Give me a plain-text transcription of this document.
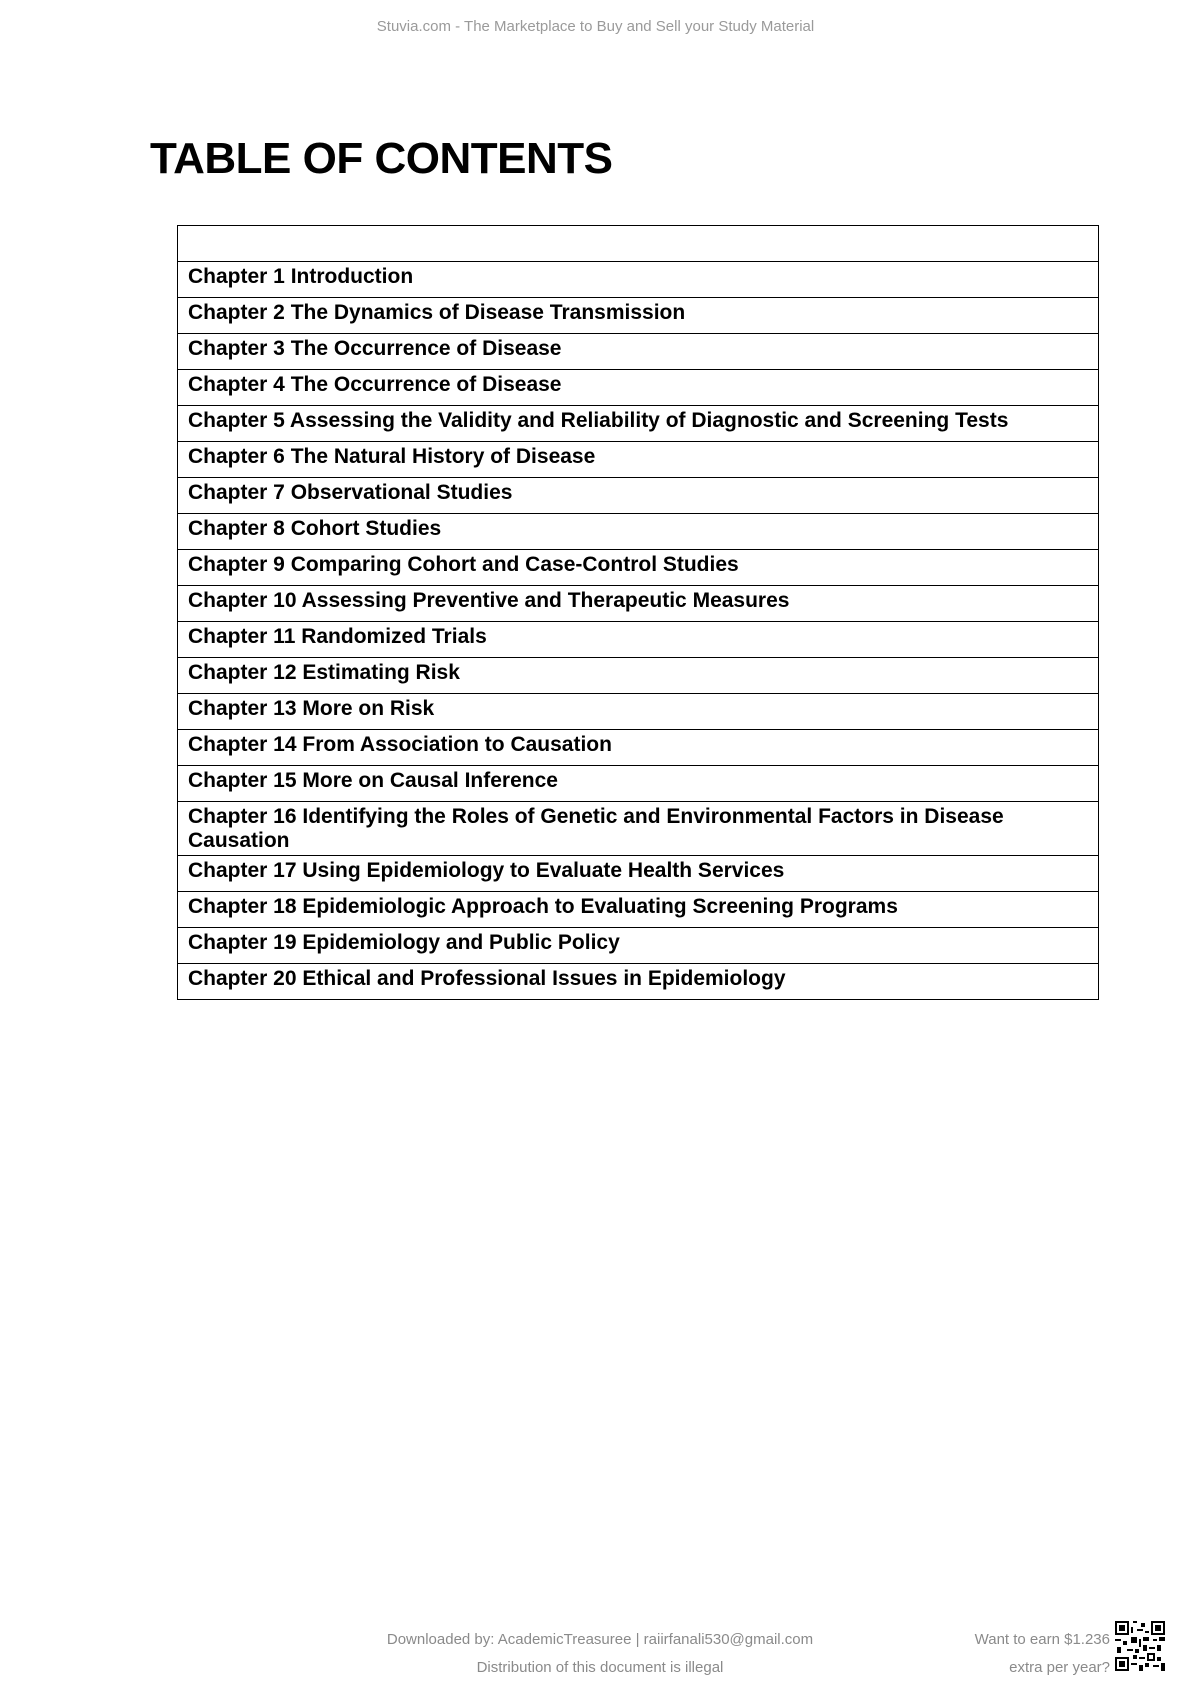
Stuvia.com - The Marketplace to Buy and Sell your Study Material
TABLE OF CONTENTS

Chapter 1 Introduction
Chapter 2 The Dynamics of Disease Transmission
Chapter 3 The Occurrence of Disease
Chapter 4 The Occurrence of Disease
Chapter 5 Assessing the Validity and Reliability of Diagnostic and Screening Tests
Chapter 6 The Natural History of Disease
Chapter 7 Observational Studies
Chapter 8 Cohort Studies
Chapter 9 Comparing Cohort and Case-Control Studies
Chapter 10 Assessing Preventive and Therapeutic Measures
Chapter 11 Randomized Trials
Chapter 12 Estimating Risk
Chapter 13 More on Risk
Chapter 14 From Association to Causation
Chapter 15 More on Causal Inference
Chapter 16 Identifying the Roles of Genetic and Environmental Factors in Disease Causation
Chapter 17 Using Epidemiology to Evaluate Health Services
Chapter 18 Epidemiologic Approach to Evaluating Screening Programs
Chapter 19 Epidemiology and Public Policy
Chapter 20 Ethical and Professional Issues in Epidemiology
Downloaded by: AcademicTreasuree | raiirfanali530@gmail.com
Distribution of this document is illegal
Want to earn $1.236
extra per year?
